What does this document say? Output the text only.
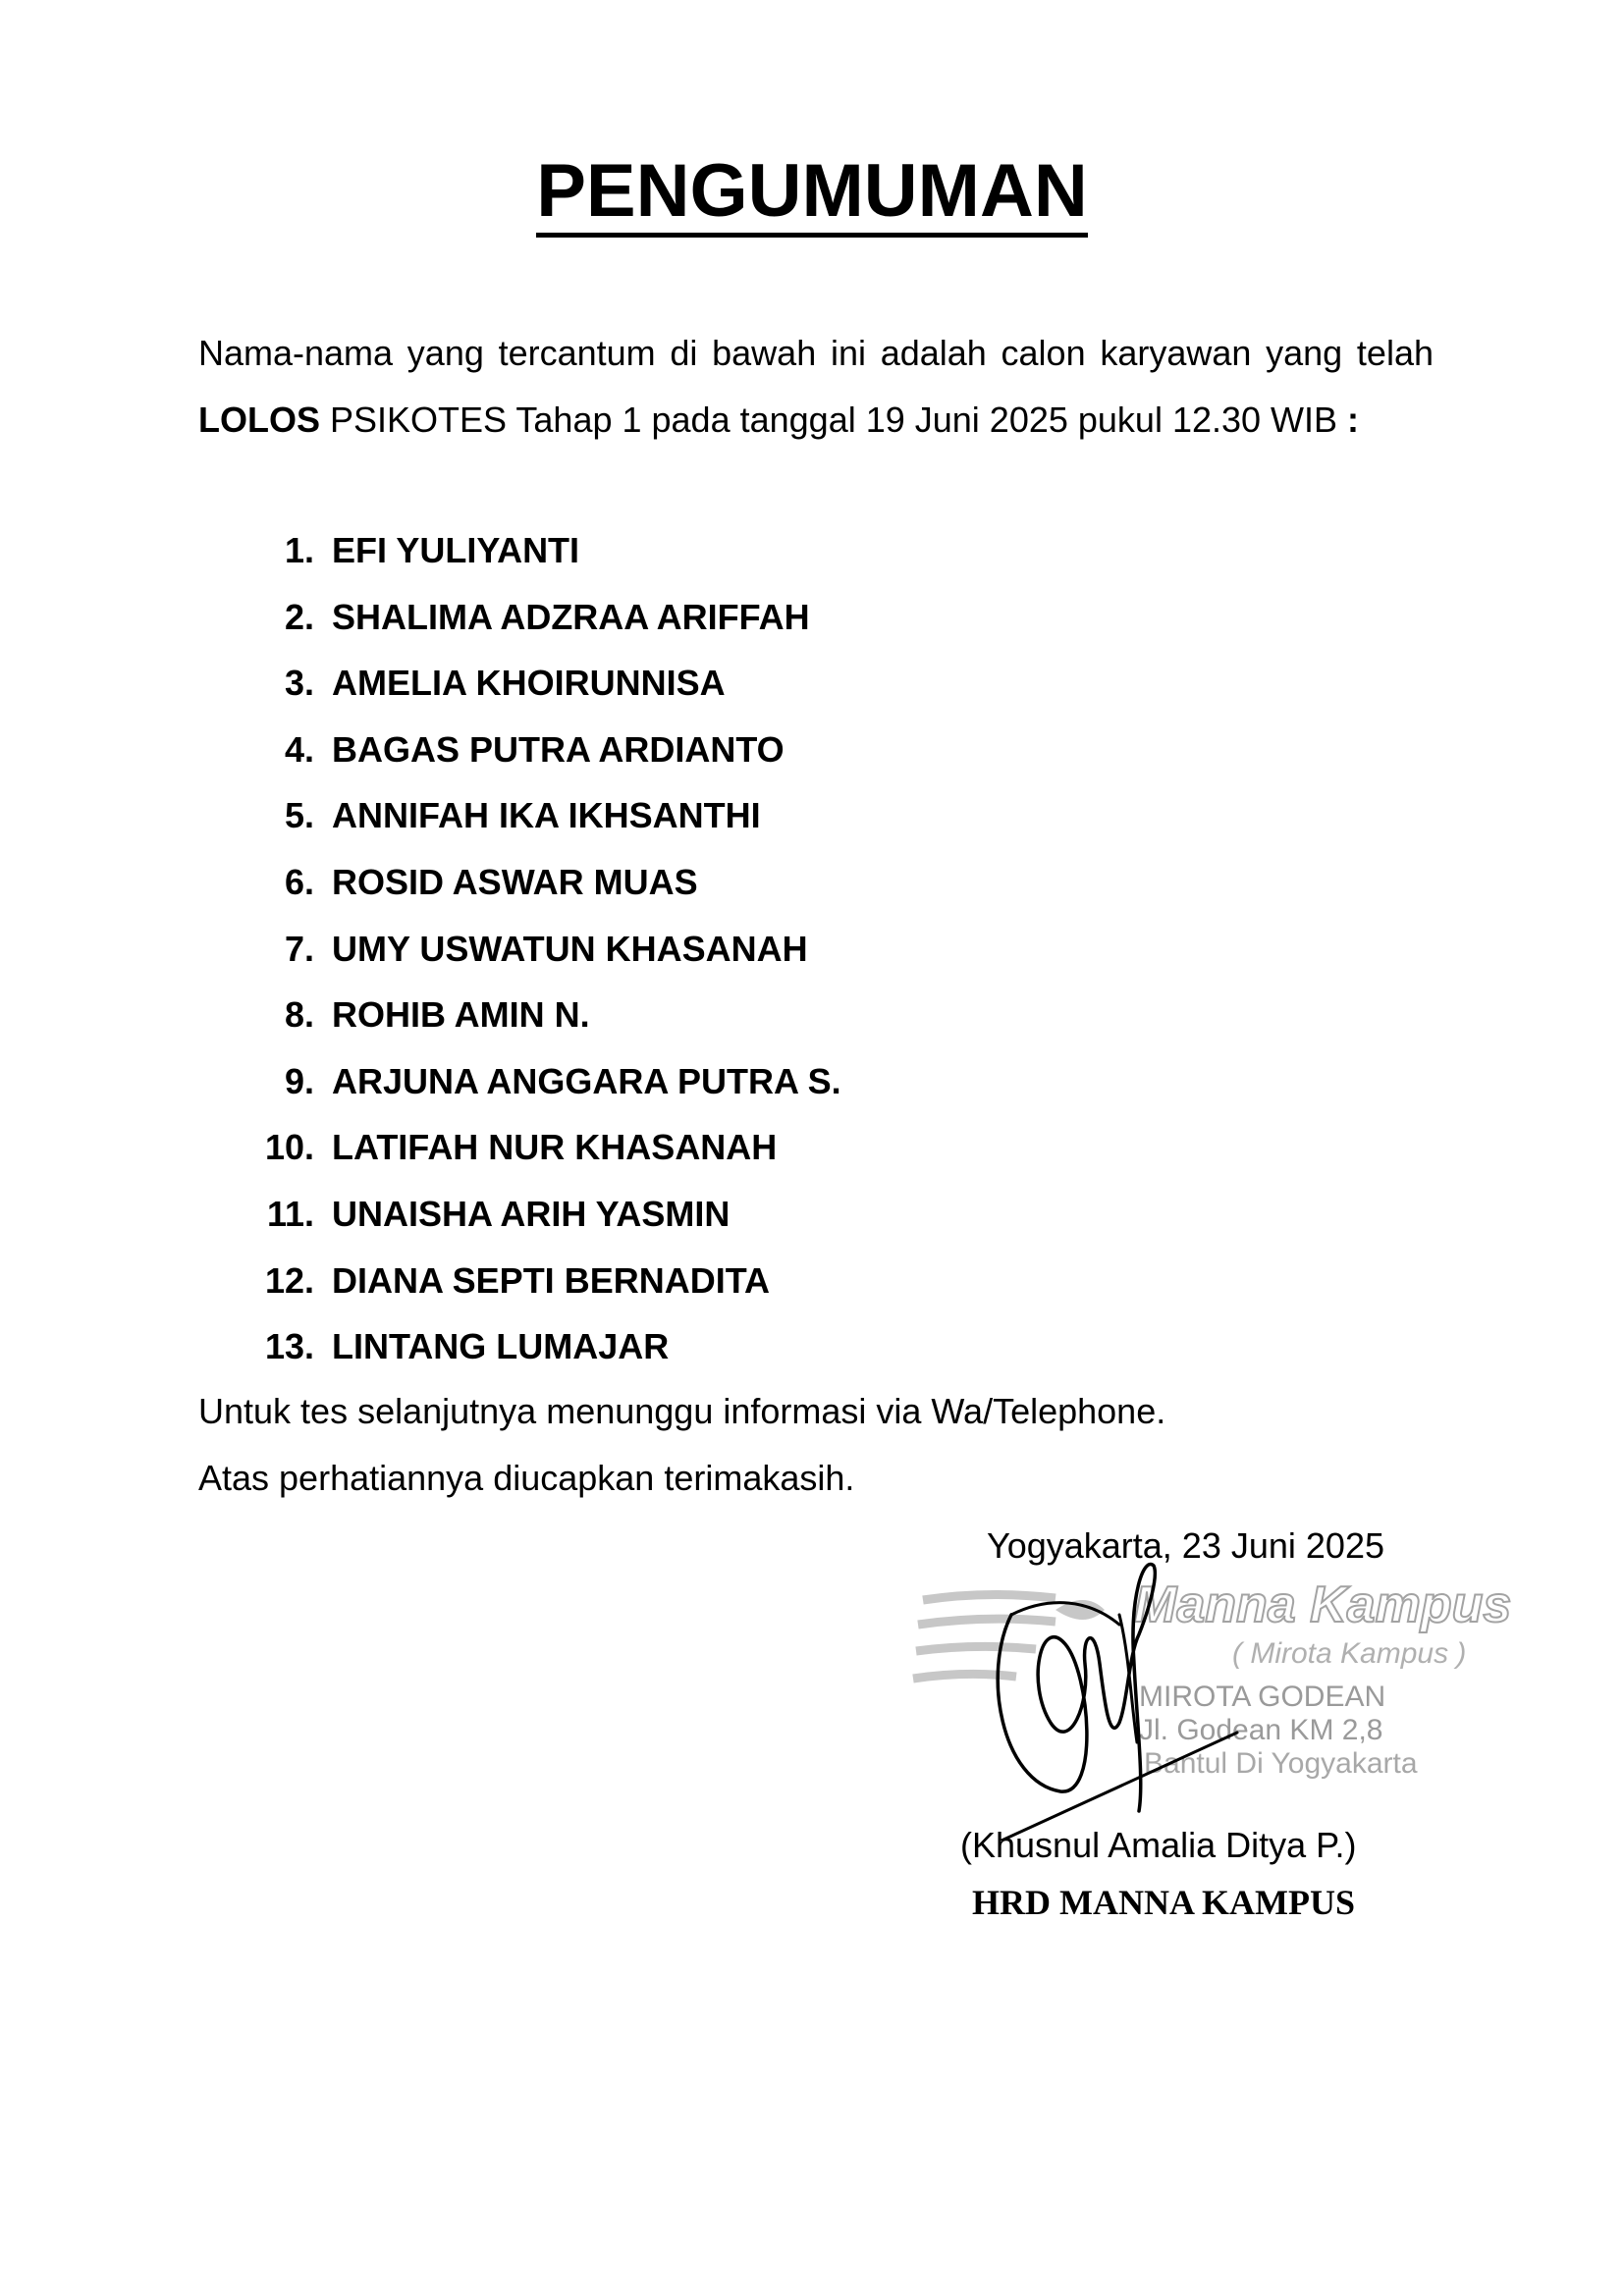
PENGUMUMAN
Nama-nama yang tercantum di bawah ini adalah calon karyawan yang telah LOLOS PSIKOTES Tahap 1 pada tanggal 19 Juni 2025 pukul 12.30 WIB :
1. EFI YULIYANTI
2. SHALIMA ADZRAA ARIFFAH
3. AMELIA KHOIRUNNISA
4. BAGAS PUTRA ARDIANTO
5. ANNIFAH IKA IKHSANTHI
6. ROSID ASWAR MUAS
7. UMY USWATUN KHASANAH
8. ROHIB AMIN N.
9. ARJUNA ANGGARA PUTRA S.
10. LATIFAH NUR KHASANAH
11. UNAISHA ARIH YASMIN
12. DIANA SEPTI BERNADITA
13. LINTANG LUMAJAR
Untuk tes selanjutnya menunggu informasi via Wa/Telephone.
Atas perhatiannya diucapkan terimakasih.
Yogyakarta, 23 Juni 2025
Manna Kampus
( Mirota Kampus )
MIROTA GODEAN
Jl. Godean KM 2,8
Bantul Di Yogyakarta
(Khusnul Amalia Ditya P.)
HRD MANNA KAMPUS
